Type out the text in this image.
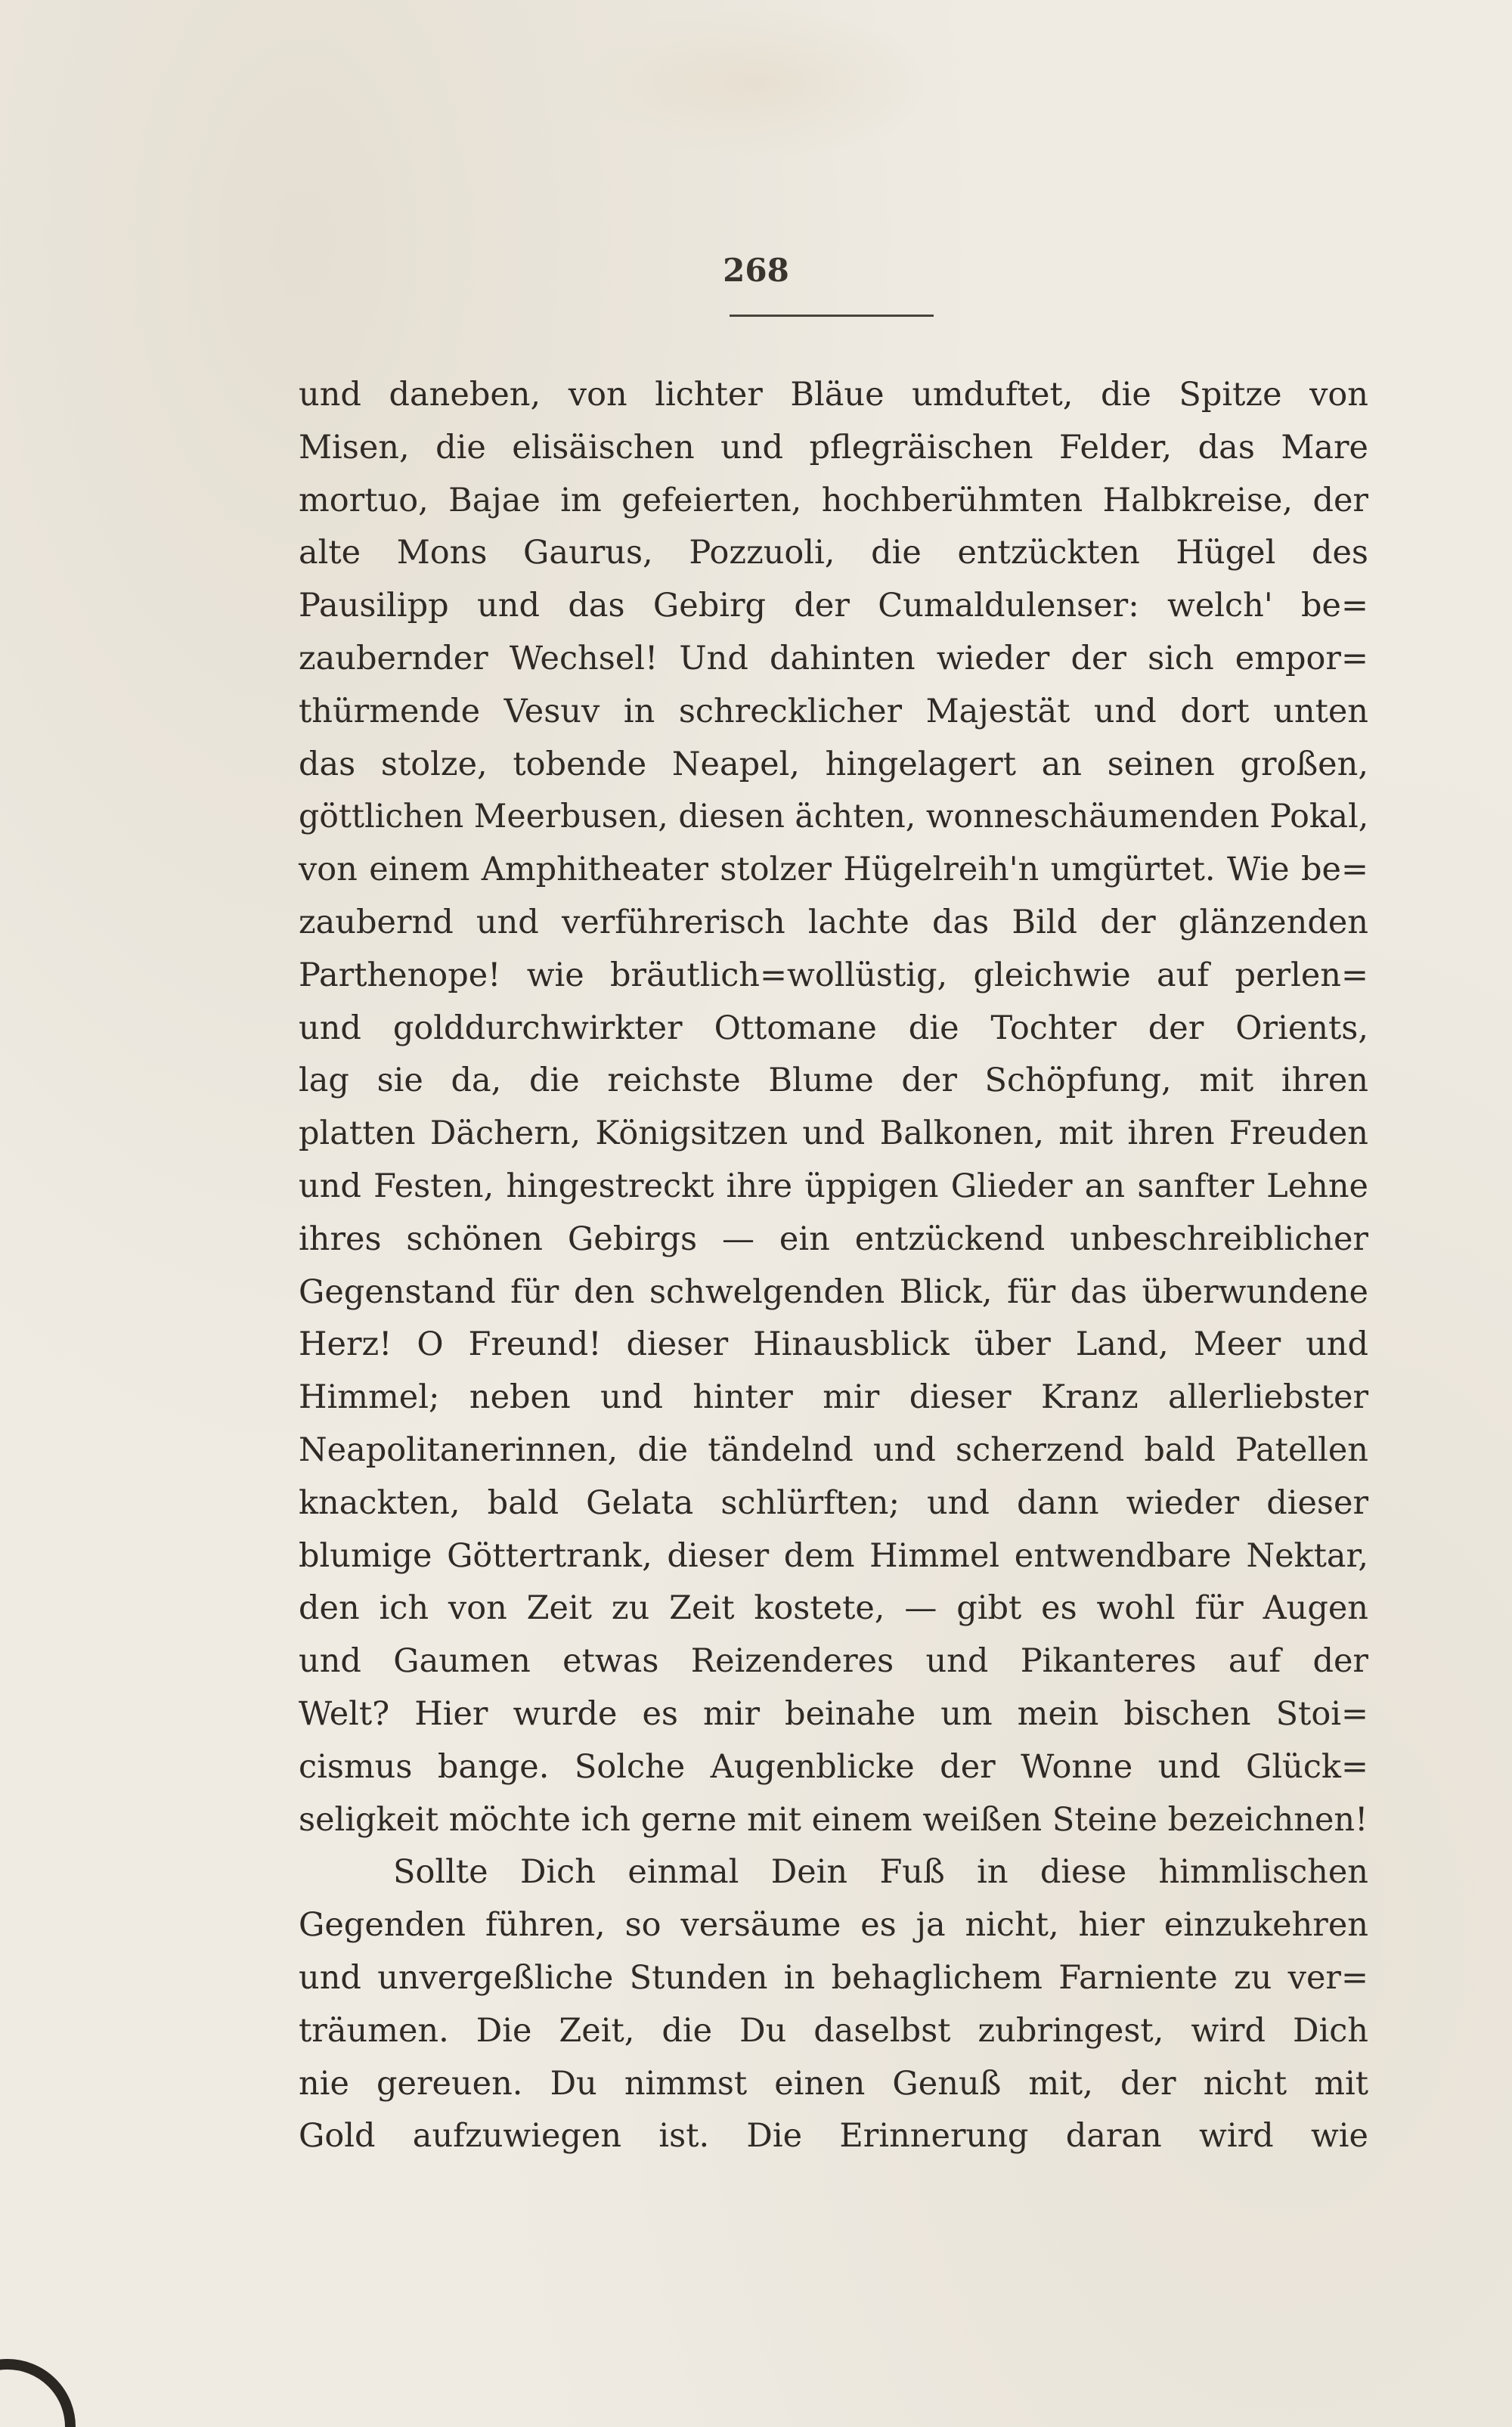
268
und daneben, von lichter Bläue umduftet, die Spitze von
Misen, die elisäischen und pflegräischen Felder, das Mare
mortuo, Bajae im gefeierten, hochberühmten Halbkreise, der
alte Mons Gaurus, Pozzuoli, die entzückten Hügel des
Pausilipp und das Gebirg der Cumaldulenser: welch' be=
zaubernder Wechsel! Und dahinten wieder der sich empor=
thürmende Vesuv in schrecklicher Majestät und dort unten
das stolze, tobende Neapel, hingelagert an seinen großen,
göttlichen Meerbusen, diesen ächten, wonneschäumenden Pokal,
von einem Amphitheater stolzer Hügelreih'n umgürtet. Wie be=
zaubernd und verführerisch lachte das Bild der glänzenden
Parthenope! wie bräutlich=wollüstig, gleichwie auf perlen=
und golddurchwirkter Ottomane die Tochter der Orients,
lag sie da, die reichste Blume der Schöpfung, mit ihren
platten Dächern, Königsitzen und Balkonen, mit ihren Freuden
und Festen, hingestreckt ihre üppigen Glieder an sanfter Lehne
ihres schönen Gebirgs — ein entzückend unbeschreiblicher
Gegenstand für den schwelgenden Blick, für das überwundene
Herz! O Freund! dieser Hinausblick über Land, Meer und
Himmel; neben und hinter mir dieser Kranz allerliebster
Neapolitanerinnen, die tändelnd und scherzend bald Patellen
knackten, bald Gelata schlürften; und dann wieder dieser
blumige Göttertrank, dieser dem Himmel entwendbare Nektar,
den ich von Zeit zu Zeit kostete, — gibt es wohl für Augen
und Gaumen etwas Reizenderes und Pikanteres auf der
Welt? Hier wurde es mir beinahe um mein bischen Stoi=
cismus bange. Solche Augenblicke der Wonne und Glück=
seligkeit möchte ich gerne mit einem weißen Steine bezeichnen!
Sollte Dich einmal Dein Fuß in diese himmlischen
Gegenden führen, so versäume es ja nicht, hier einzukehren
und unvergeßliche Stunden in behaglichem Farniente zu ver=
träumen. Die Zeit, die Du daselbst zubringest, wird Dich
nie gereuen. Du nimmst einen Genuß mit, der nicht mit
Gold aufzuwiegen ist. Die Erinnerung daran wird wie
